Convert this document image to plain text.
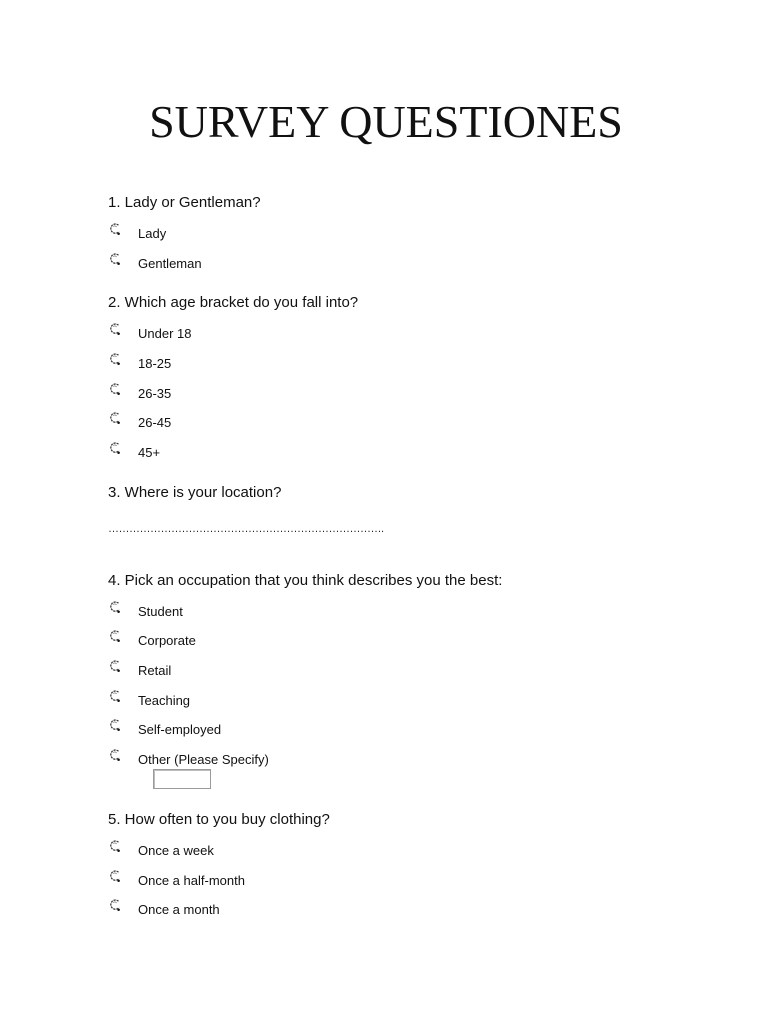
SURVEY QUESTIONES
1. Lady or Gentleman?
Lady
Gentleman
2. Which age bracket do you fall into?
Under 18
18-25
26-35
26-45
45+
3. Where is your location?
…………………………………………………………………….
4. Pick an occupation that you think describes you the best:
Student
Corporate
Retail
Teaching
Self-employed
Other (Please Specify)
5. How often to you buy clothing?
Once a week
Once a half-month
Once a month
